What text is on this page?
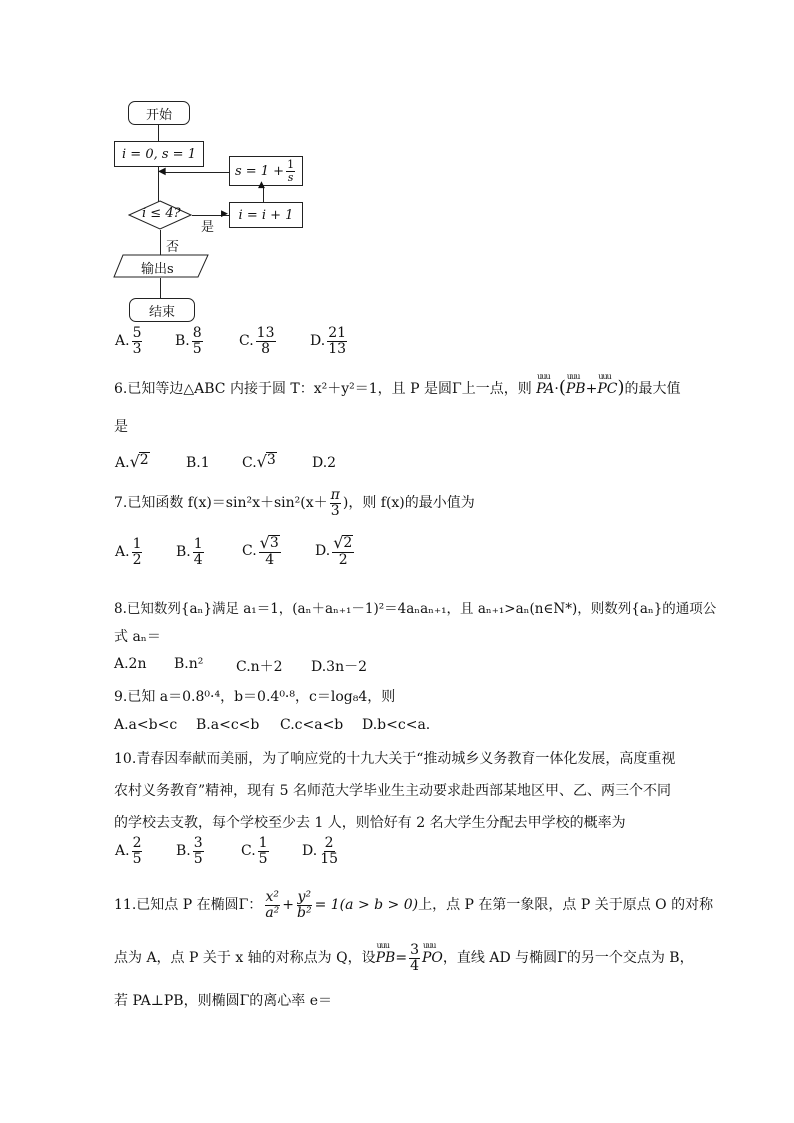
开始
i = 0, s = 1
◀	$s = 1 + \frac{1}{s}$
▲
i ≤ 4?	▶
是
i = i + 1
否
输出s
结束
A. $\frac{5}{3} B$. $\frac{8}{5}$	C. $\frac{13}{8} D$. $\frac{21}{13}$
6.已知等边△ABC 内接于圆 T：x²＋y²＝1，且 P 是圆Γ上一点，则 uuu PA·(uuu PB+uuu PC)的最大值
是
A. √ 2	B.1 C. √ 3	D.2
7.已知函数 $f(x)=\sin^2x+\sin^2(x+ \frac{\pi}{3}$ )，则 f(x)的最小值为
A. $\frac{1}{2} B$. $\frac{1}{4}$	C. $\frac{√ 3}{4} D$. $\frac{√ 2}{2}$
8.已知数列{aₙ}满足 a₁＝1，(aₙ＋aₙ₊₁－1)²＝4aₙaₙ₊₁，且 aₙ₊₁>aₙ(n∈N*)，则数列{aₙ}的通项公
式 aₙ＝
A.2n B.n² C.n＋2 D.3n－2
9.已知 a＝0.8⁰·⁴，b＝0.4⁰·⁸，c＝log₈4，则
A.a<b<c B.a<c<b C.c<a<b D.b<c<a.
10.青春因奉献而美丽，为了响应党的十九大关于“推动城乡义务教育一体化发展，高度重视
农村义务教育”精神，现有 5 名师范大学毕业生主动要求赴西部某地区甲、乙、两三个不同
的学校去支教，每个学校至少去 1 人，则恰好有 2 名大学生分配去甲学校的概率为
A. $\frac{2}{5} B$. $\frac{3}{5}$	C. $\frac{1}{5} D$. $\frac{2}{15}$
11.已知点 P 在椭圆Γ： $\frac{\text{x²}}{\text{a²}} + \frac{\text{y²}}{\text{b²}} = 1(a > b > 0)$上，点 P 在第一象限，点 P 关于原点 O 的对称
点为 A，点 P 关于 x 轴的对称点为 Q，设uuu $PB= \frac{3}{4}$ uuu PO，直线 AD 与椭圆Γ的另一个交点为 B，
若 PA⊥PB，则椭圆Γ的离心率 e＝
